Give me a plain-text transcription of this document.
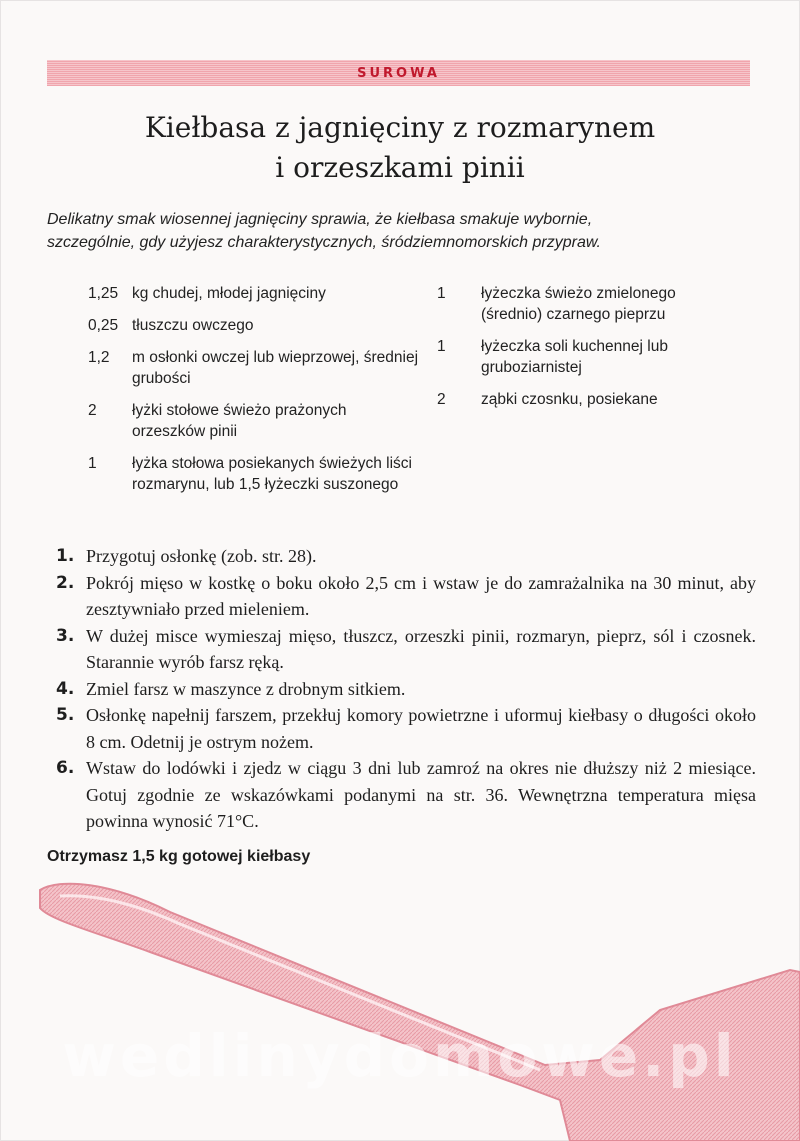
SUROWA
Kiełbasa z jagnięciny z rozmarynem
i orzeszkami pinii
Delikatny smak wiosennej jagnięciny sprawia, że kiełbasa smakuje wybornie,
szczególnie, gdy użyjesz charakterystycznych, śródziemnomorskich przypraw.
1,25 kg chudej, młodej jagnięciny
0,25 tłuszczu owczego
1,2	m osłonki owczej lub wieprzowej, średniej grubości
2	łyżki stołowe świeżo prażonych orzeszków pinii
1	łyżka stołowa posiekanych świeżych liści rozmarynu, lub 1,5 łyżeczki suszonego
1	łyżeczka świeżo zmielonego (średnio) czarnego pieprzu
1	łyżeczka soli kuchennej lub gruboziarnistej
2	ząbki czosnku, posiekane
1. Przygotuj osłonkę (zob. str. 28).
2. Pokrój mięso w kostkę o boku około 2,5 cm i wstaw je do zamrażalnika na 30 minut, aby zesztywniało przed mieleniem.
3. W dużej misce wymieszaj mięso, tłuszcz, orzeszki pinii, rozmaryn, pieprz, sól i czosnek. Starannie wyrób farsz ręką.
4. Zmiel farsz w maszynce z drobnym sitkiem.
5. Osłonkę napełnij farszem, przekłuj komory powietrzne i uformuj kiełbasy o długości około 8 cm. Odetnij je ostrym nożem.
6. Wstaw do lodówki i zjedz w ciągu 3 dni lub zamroź na okres nie dłuższy niż 2 miesiące. Gotuj zgodnie ze wskazówkami podanymi na str. 36. Wewnętrzna temperatura mięsa powinna wynosić 71°C.
Otrzymasz 1,5 kg gotowej kiełbasy
wedlinydomowe.pl
